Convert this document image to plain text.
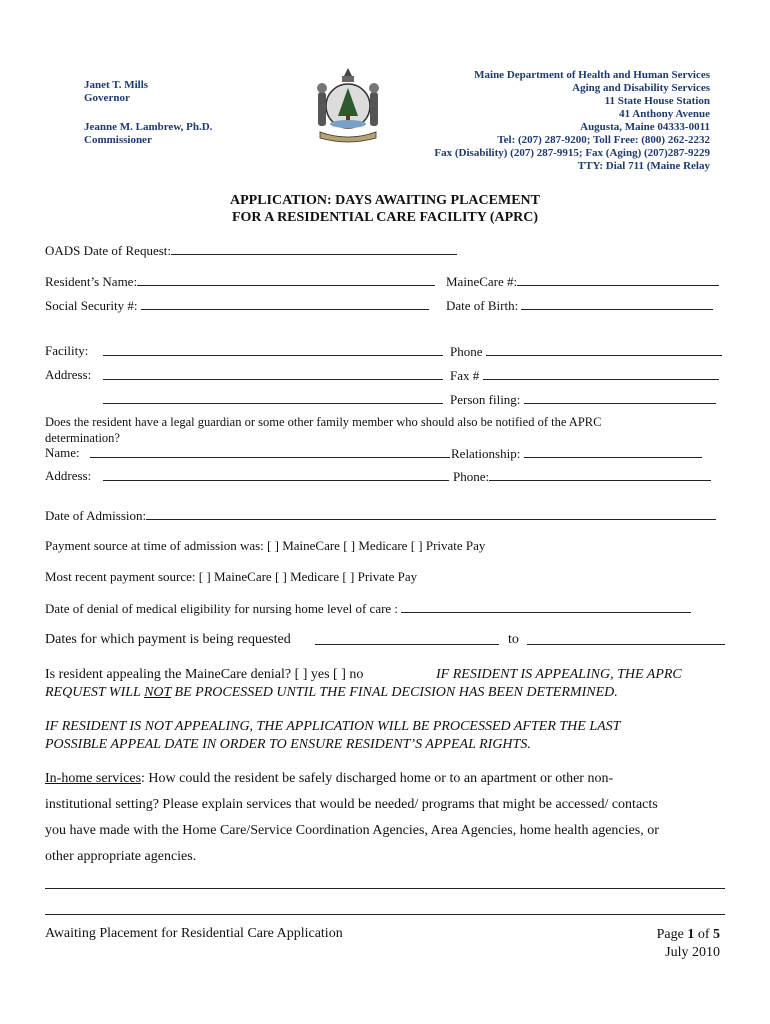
Janet T. Mills
Governor
Jeanne M. Lambrew, Ph.D.
Commissioner
Maine Department of Health and Human Services
Aging and Disability Services
11 State House Station
41 Anthony Avenue
Augusta, Maine 04333-0011
Tel: (207) 287-9200; Toll Free: (800) 262-2232
Fax (Disability) (207) 287-9915; Fax (Aging) (207)287-9229
TTY: Dial 711 (Maine Relay
APPLICATION: DAYS AWAITING PLACEMENT
FOR A RESIDENTIAL CARE FACILITY (APRC)
OADS Date of Request:
Resident’s Name:	MaineCare #:
Social Security #:	Date of Birth:
Facility:	Phone
Address:	Fax #
Person filing:
Does the resident have a legal guardian or some other family member who should also be notified of the APRC
determination?
Name:	Relationship:
Address:	Phone:
Date of Admission:
Payment source at time of admission was: [ ] MaineCare [ ] Medicare [ ] Private Pay
Most recent payment source: [ ] MaineCare [ ] Medicare [ ] Private Pay
Date of denial of medical eligibility for nursing home level of care :
Dates for which payment is being requested	to
Is resident appealing the MaineCare denial? [ ] yes [ ] no	IF RESIDENT IS APPEALING, THE APRC
REQUEST WILL NOT BE PROCESSED UNTIL THE FINAL DECISION HAS BEEN DETERMINED.
IF RESIDENT IS NOT APPEALING, THE APPLICATION WILL BE PROCESSED AFTER THE LAST
POSSIBLE APPEAL DATE IN ORDER TO ENSURE RESIDENT’S APPEAL RIGHTS.
In-home services: How could the resident be safely discharged home or to an apartment or other non-
institutional setting? Please explain services that would be needed/ programs that might be accessed/ contacts
you have made with the Home Care/Service Coordination Agencies, Area Agencies, home health agencies, or
other appropriate agencies.
Awaiting Placement for Residential Care Application	Page 1 of 5
July 2010
